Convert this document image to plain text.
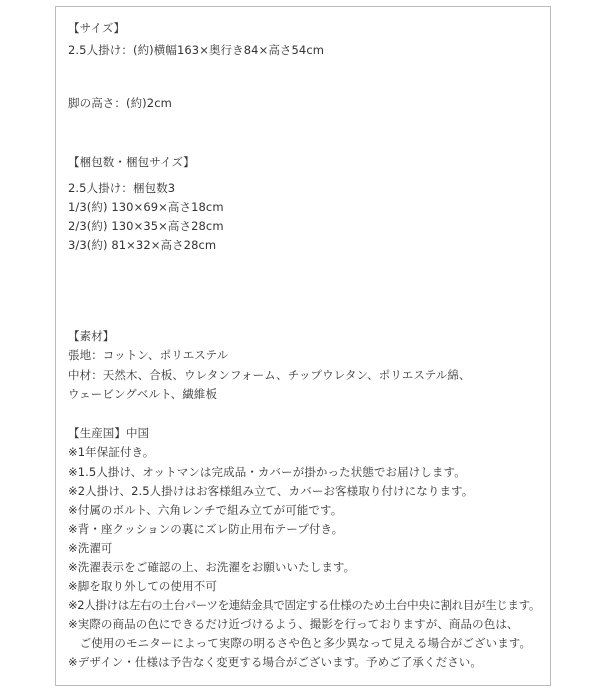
【サイズ】
2.5人掛け：(約)横幅163×奥行き84×高さ54cm
脚の高さ：(約)2cm
【梱包数・梱包サイズ】
2.5人掛け：梱包数3
1/3(約) 130×69×高さ18cm
2/3(約) 130×35×高さ28cm
3/3(約) 81×32×高さ28cm
【素材】
張地：コットン、ポリエステル
中材：天然木、合板、ウレタンフォーム、チップウレタン、ポリエステル綿、
ウェービングベルト、繊維板
【生産国】中国
※1年保証付き。
※1.5人掛け、オットマンは完成品・カバーが掛かった状態でお届けします。
※2人掛け、2.5人掛けはお客様組み立て、カバーお客様取り付けになります。
※付属のボルト、六角レンチで組み立てが可能です。
※背・座クッションの裏にズレ防止用布テープ付き。
※洗濯可
※洗濯表示をご確認の上、お洗濯をお願いいたします。
※脚を取り外しての使用不可
※2人掛けは左右の土台パーツを連結金具で固定する仕様のため土台中央に割れ目が生じます。
※実際の商品の色にできるだけ近づけるよう、撮影を行っておりますが、商品の色は、
　ご使用のモニターによって実際の明るさや色と多少異なって見える場合がございます。
※デザイン・仕様は予告なく変更する場合がございます。予めご了承ください。
